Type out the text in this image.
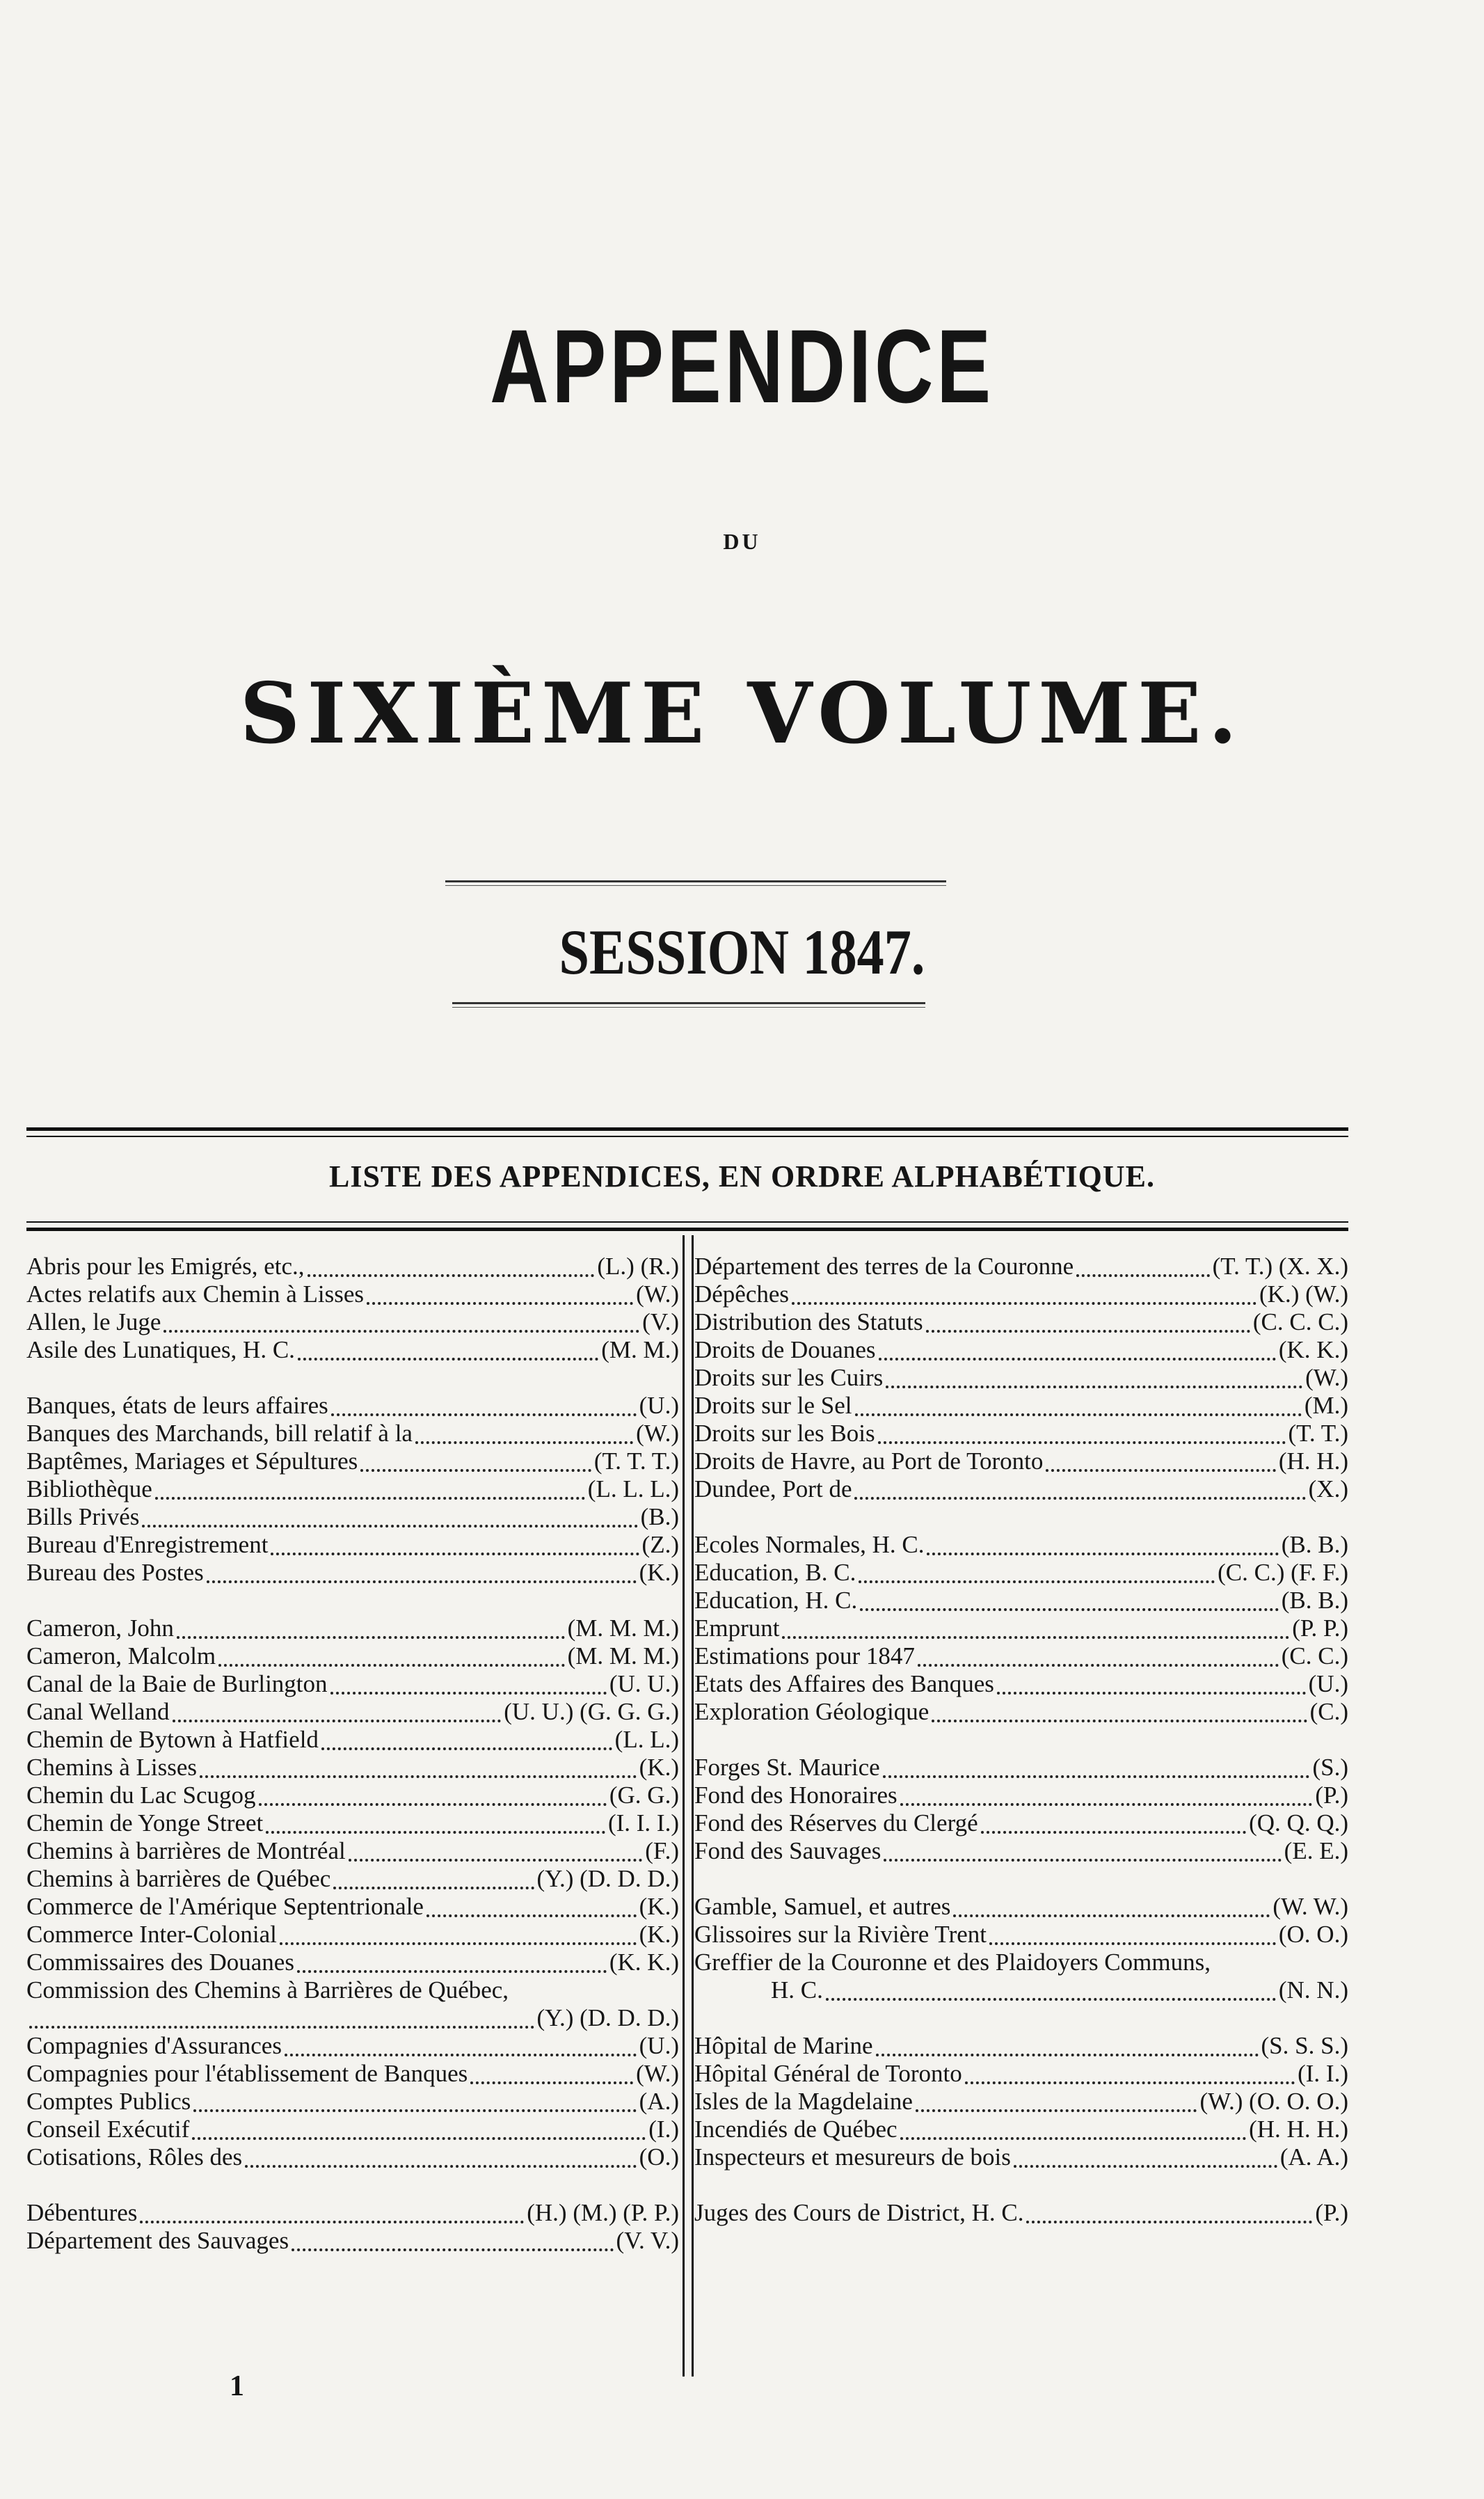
APPENDICE
DU
SIXIÈME VOLUME.
SESSION 1847.
LISTE DES APPENDICES, EN ORDRE ALPHABÉTIQUE.
Abris pour les Emigrés, etc.,	(L.) (R.)
Actes relatifs aux Chemin à Lisses	(W.)
Allen, le Juge	(V.)
Asile des Lunatiques, H. C.	(M. M.)
Banques, états de leurs affaires	(U.)
Banques des Marchands, bill relatif à la	(W.)
Baptêmes, Mariages et Sépultures	(T. T. T.)
Bibliothèque	(L. L. L.)
Bills Privés	(B.)
Bureau d'Enregistrement	(Z.)
Bureau des Postes	(K.)
Cameron, John	(M. M. M.)
Cameron, Malcolm	(M. M. M.)
Canal de la Baie de Burlington	(U. U.)
Canal Welland	(U. U.) (G. G. G.)
Chemin de Bytown à Hatfield	(L. L.)
Chemins à Lisses	(K.)
Chemin du Lac Scugog	(G. G.)
Chemin de Yonge Street	(I. I. I.)
Chemins à barrières de Montréal	(F.)
Chemins à barrières de Québec	(Y.) (D. D. D.)
Commerce de l'Amérique Septentrionale	(K.)
Commerce Inter-Colonial	(K.)
Commissaires des Douanes	(K. K.)
Commission des Chemins à Barrières de Québec,
(Y.) (D. D. D.)
Compagnies d'Assurances	(U.)
Compagnies pour l'établissement de Banques	(W.)
Comptes Publics	(A.)
Conseil Exécutif	(I.)
Cotisations, Rôles des	(O.)
Débentures	(H.) (M.) (P. P.)
Département des Sauvages	(V. V.)
Département des terres de la Couronne	(T. T.) (X. X.)
Dépêches	(K.) (W.)
Distribution des Statuts	(C. C. C.)
Droits de Douanes	(K. K.)
Droits sur les Cuirs	(W.)
Droits sur le Sel	(M.)
Droits sur les Bois	(T. T.)
Droits de Havre, au Port de Toronto	(H. H.)
Dundee, Port de	(X.)
Ecoles Normales, H. C.	(B. B.)
Education, B. C.	(C. C.) (F. F.)
Education, H. C.	(B. B.)
Emprunt	(P. P.)
Estimations pour 1847	(C. C.)
Etats des Affaires des Banques	(U.)
Exploration Géologique	(C.)
Forges St. Maurice	(S.)
Fond des Honoraires	(P.)
Fond des Réserves du Clergé	(Q. Q. Q.)
Fond des Sauvages	(E. E.)
Gamble, Samuel, et autres	(W. W.)
Glissoires sur la Rivière Trent	(O. O.)
Greffier de la Couronne et des Plaidoyers Communs,
H. C.	(N. N.)
Hôpital de Marine	(S. S. S.)
Hôpital Général de Toronto	(I. I.)
Isles de la Magdelaine	(W.) (O. O. O.)
Incendiés de Québec	(H. H. H.)
Inspecteurs et mesureurs de bois	(A. A.)
Juges des Cours de District, H. C.	(P.)
1
